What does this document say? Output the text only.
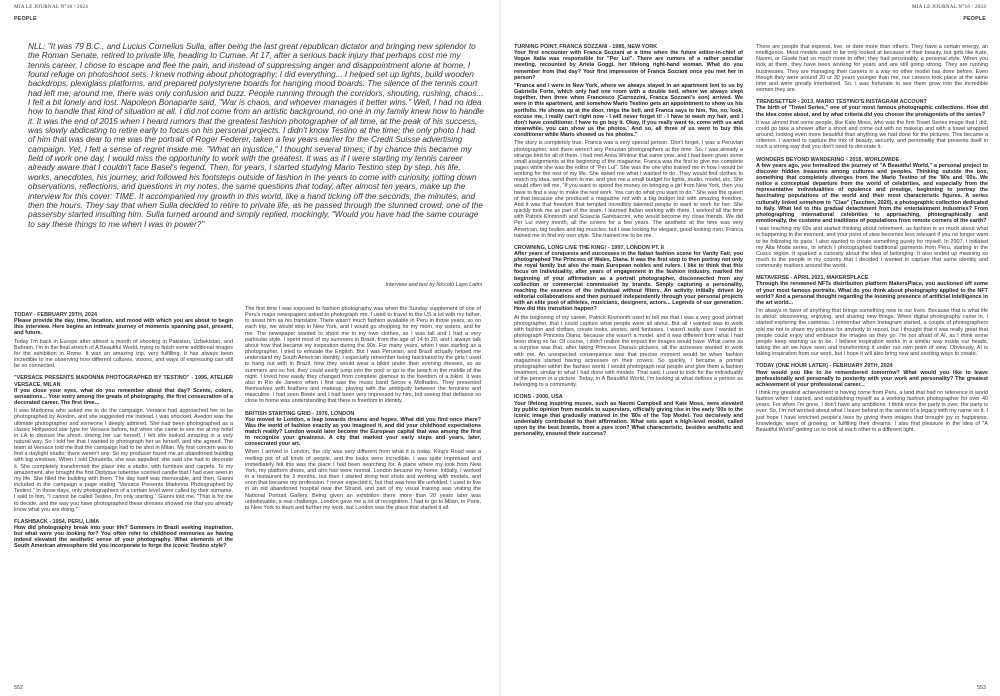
MIA LE JOURNAL N°18 / 2024
PEOPLE

NLL: "It was 79 B.C., and Lucius Cornelius Sulla, after being the last great republican dictator and bringing new splendor to the Roman Senate, retired to private life, heading to Cumae. At 17, after a serious back injury that perhaps cost me my tennis career, I chose to escape and flee the pain, and instead of suppressing anger and disappointment alone at home, I found refuge on photoshoot sets. I knew nothing about photography; I did everything... I helped set up lights, build wooden backdrops, plexiglass platforms, and prepared polystyrene boards for hanging mood boards. The silence of the tennis court had left me; around me, there was only confusion and buzz. People running through the corridors, shouting, rushing, chaos... I felt a bit lonely and lost. Napoleon Bonaparte said, "War is chaos, and whoever manages it better wins." Well, I had no idea how to handle that kind of situation at all. I did not come from an artistic background, no one in my family knew how to handle it. It was the end of 2015 when I heard rumors that the greatest fashion photographer of all time, at the peak of his success, was slowly abdicating to retire early to focus on his personal projects. I didn't know Testino at the time; the only photo I had of him that was dear to me was the portrait of Roger Federer, taken a few years earlier for the Credit Suisse advertising campaign. Yet, I felt a sense of regret inside me. "What an injustice," I thought several times; if by chance this became my field of work one day, I would miss the opportunity to work with the greatest. It was as if I were starting my tennis career already aware that I couldn't face Basel's legend. Then, for years, I started studying Mario Testino step by step, his life, works, anecdotes, his journey, and followed his footsteps outside of fashion in the years to come with curiosity, jotting down observations, reflections, and questions in my notes, the same questions that today, after almost ten years, make up the interview for this cover: TIME. It accompanied my growth in this world, like a hand ticking off the seconds, the minutes, and then the hours. They say that when Sulla decided to retire to private life, as he passed through the stunned crowd, one of the passersby started insulting him. Sulla turned around and simply replied, mockingly, "Would you have had the same courage to say these things to me when I was in power?"

Interview and text by Niccolò Lapo Latini

TODAY - FEBRUARY 29TH, 2024

Please provide the day, time, location, and mood with which you are about to begin this interview. Here begins an intimate journey of moments spanning past, present, and future.

Today I'm back in Europe after almost a month of shooting in Pakistan, Uzbekistan, and Bahrain. I'm in the final stretch of A Beautiful World, trying to finish some additional images for the exhibition in Rome. It was an amazing trip, very fulfilling. It has always been incredible to me observing how different cultures, visions, and ways of expressing can still be so connected.

"VERSACE PRESENTS MADONNA PHOTOGRAPHED BY TESTINO" - 1995, ATELIER VERSACE, MILAN

If you close your eyes, what do you remember about that day? Scents, colors, sensations... Your entry among the greats of photography, the first consecration of a decorated career. The first time...

It was Madonna who asked me to do the campaign. Versace had approached her to be photographed by Avedon, and she suggested me instead. I was shocked. Avedon was the ultimate photographer and someone I deeply admired. She had been photographed as a classic Hollywood star type for Versace before, but when she came to see me at my hotel in LA to discuss the shoot, driving her car herself, I felt she looked amazing in a very natural way. So I told her that I wanted to photograph her as herself, and she agreed. The team at Versace told me that the campaign had to be shot in Milan. My first concern was to find a daylight studio; there weren't any. So my producer found me an abandoned building with big windows. When I told Donatella, she was appalled; she said she had to decorate it. She completely transformed the place into a studio, with furniture and carpets. To my amazement, she brought the first Diptyque tuberose scented candle that I had ever seen in my life. She filled the building with them. The day itself was memorable, and then, Gianni included in the campaign a page stating "Versace Presents Madonna Photographed by Testino." In those days, only photographers of a certain level were called by their surname. I said to him, "I cannot be called Testino, I'm only starting." Gianni told me, "That is for me to decide, and the way you have photographed these dresses showed me that you already know what you are doing."

FLASHBACK - 1954, PERU, LIMA

How did photography break into your life? Summers in Brazil seeking inspiration, but what were you looking for? You often refer to childhood memories as having indeed elevated the aesthetic sense of your photography. What elements of the South American atmosphere did you incorporate to forge the iconic Testino style?

The first time I was exposed to fashion photography was when the Sunday supplement of one of Peru's major newspapers asked to photograph me. I used to travel to the US a lot with my father, to assist him as his translator. There wasn't much fashion available in Peru in those years, so on each trip, we would stop in New York, and I would go shopping for my mom, my sisters, and for me. The newspaper wanted to shoot me in my own clothes, as I was tall and I had a very particular style. I spent most of my summers in Brazil, from the age of 14 to 20, and I always talk about how that became my inspiration during the 90s. For many years, when I was starting as a photographer, I tried to emulate the English. But I was Peruvian, and Brazil actually helped me understand my South American identity. I especially remember being fascinated by the girls I used to hang out with in Brazil, how they would wear a bikini under their evening dresses, so as summers are so hot, they could easily jump into the pool or go to the beach in the middle of the night. I loved how easily they changed from complete glamour to the freedom of a bikini. It was also in Rio de Janeiro when I first saw the music band Secos e Molhados. They presented themselves with feathers and makeup, playing with the ambiguity between the feminine and masculine. I had seen Bowie and I had been very impressed by him, but seeing that defiance so close to home was understanding that there is freedom in identity.

BRITISH STARTING GRID - 1976, LONDON

You moved to London, a leap towards dreams and hopes. What did you find once there? Was the world of fashion exactly as you imagined it, and did your childhood expectations match reality? London would later become the European capital that was among the first to recognize your greatness. A city that marked your early steps and years, later, consecrated your art.

When I arrived in London, the city was very different from what it is today. King's Road was a melting pot of all kinds of people, and the looks were incredible. I was quite impressed and immediately felt this was the place I had been searching for. A place where my look from New York, my platform shoes, and afro hair were normal. London became my home. Initially, I worked in a restaurant for 3 months, but then I started doing test shots and working with models, and soon that became my profession. I never expected it, but that was how life unfolded. I used to live in an old abandoned hospital near the Strand, and part of my visual training was visiting the National Portrait Gallery. Being given an exhibition there more than 20 years later was unbelievable, a real challenge. London gave me a lot of recognition. I had to go to Milan, to Paris, to New York to learn and further my work, but London was the place that started it all.

552
MIA LE JOURNAL N°18 / 2024
PEOPLE

TURNING POINT, FRANCA SOZZANI - 1985, NEW YORK

Your first encounter with Franca Sozzani at a time when the future editor-in-chief of Vogue Italia was responsible for "Per Lui". There are rumors of a rather peculiar meeting, recounted by Ariela Goggi, her lifelong right-hand woman. What do you remember from that day? Your first impression of Franca Sozzani once you met her in person?

"Franca and I were in New York, where we always stayed in an apartment lent to us by Gabriella Forte, which only had one room with a double bed, where we always slept together, then three when Francesco (Carrozzini, Franca Sozzani's son) arrived. We were in this apartment, and somehow Mario Testino gets an appointment to show us his portfolio. He shows up at the door, rings the bell, and Franca says to him, 'No, no, look, excuse me, I really can't right now - I will never forget it! - I have to wash my hair, and I don't have conditioner. I have to go buy it. Okay, if you really want to, come with us and meanwhile, you can show us the photos.' And so, all three of us went to buy this conditioner while Mario showed us his photos."

The story is completely true. Franca was a very special person. Don't forget, I was a Peruvian photographer, and there weren't any Peruvian photographers at the time. So, I was already a strange bird for all of them. I had met Anna Wintour that same year, and I had been given some small assignments at the beginning of the magazine. Franca was the first to give me complete pages while she was the editor of "Per Lui". She was the one who trained me in how I would be working for the rest of my life. She asked me what I wanted to do. They would find clothes to match my idea, send them to me, and give me a small budget for lights, studio, model, etc. She would often tell me, "If you want to spend the money on bringing a girl from New York, then you have to find a way to make the rest work. You can do what you want to do." She was the queen of that because she produced a magazine not with a big budget but with amazing freedom. And it was that freedom that tempted incredibly talented people to want to work for her. She quickly took me as part of the team. I learned Italian working with them. I worked all the time with Patrick Kinmonth and Sciascia Gambaccini, who would become my close friends. We did Per Lui every month, all the covers for a few years. The aesthetic at the time was very American, big bodies and big muscles, but I was looking for elegant, good-looking men. Franca trained me to find my own style. She trained me to be me.

CROWNING, LONG LIVE THE KING! - 1997, LONDON PT. II

After years of conquests and successes in the Italian fashion scene for Vanity Fair, you photographed The Princess of Wales, Diana. It was the first step to then portray not only the royal family but also the main European nobles and rulers. I like to think that this focus on individuality, after years of engagement in the fashion industry, marked the beginning of your affirmation as a portrait photographer, disconnected from any collection or commercial commission by brands. Simply capturing a personality, reaching the essence of the individual without filters. An activity initially driven by editorial collaborations and then pursued independently through your personal projects with an elite pool of athletes, musicians, designers, actors... Legends of our generation. How did this transition happen?

At the beginning of my career, Patrick Kinmonth used to tell me that I was a very good portrait photographer, that I could capture what people were all about. But all I wanted was to work with fashion and clothes, create looks, stories, and fantasies. I wasn't really sure I wanted to photograph Princess Diana, because she wasn't a model, and it was different from what I had been doing so far. Of course, I didn't realize the impact the images would have. What came as a surprise was that, after taking Princess Diana's pictures, all the actresses wanted to work with me. An unexpected consequence was that precise moment would be when fashion magazines started having actresses on their covers. So quickly, I became a portrait photographer within the fashion world. I would photograph real people and give them a fashion treatment, similar to what I had done with models. That said, I used to look for the individuality of the person in a picture. Today, in A Beautiful World, I'm looking at what defines a person as belonging to a community.

ICONS - 2000, USA

Your lifelong inspiring muses, such as Naomi Campbell and Kate Moss, were elevated by public opinion from models to superstars, officially giving rise in the early '00s to the iconic image that gradually matured in the '80s of the Top Model. You decisively and undeniably contributed to their affirmation. What sets apart a high-level model, called upon by the best brands, from a pure icon? What characteristic, besides aesthetic and personality, ensured their success?

There are people that express, live, or dare more than others. They have a certain energy, an intelligence. Most models used to be only looked at because of their beauty, but girls like Kate, Naomi, or Gisele had so much more to offer; they had personality, a personal style. When you look at them, they have been working for years and are still going strong. They are running businesses. They are managing their careers in a way no other model has done before. Even though they were around 20 or 30 years younger than me, our careers took place at the same time and were greatly intertwined. So, I was fortunate to see them grow into the incredible women they are.

TRENDSETTER - 2013, MARIO TESTINO'S INSTAGRAM ACCOUNT

The birth of "Towel Series," one of your most famous photographic collections. How did the idea come about, and by what criteria did you choose the protagonists of the series?

It was almost that some people, like Kate Moss, who was the first Towel Series image that I did, could go take a shower after a shoot and come out with no makeup and with a towel wrapped around, looking even more beautiful than anything we had done for the pictures. This became a criterion. I wanted to capture the mix of beauty, security, and personality that presents itself in such a strong way that you don't need to decorate it.

WONDERS BEYOND WANDERING - 2018, WORLDWIDE

A few years ago, you formalized the journey of "A Beautiful World," a personal project to discover hidden treasures among cultures and peoples. Thinking outside the box, something that completely diverges from the Mario Testino of the '80s and '00s. We notice a conceptual departure from the world of celebrities, and especially from the representative individualities of opulence and prestige, beginning to portray the fascinating populations of the world and their most characteristic figures. A series culturally linked somehow to "Ciao" (Taschen, 2020), a photographic collection dedicated to Italy. What led to this gradual detachment from the entertainment industries? From photographing international celebrities to approaching, photographically and emotionally, the customs and traditions of populations from remote corners of the earth?

I was reaching my 60s and started thinking about retirement, as fashion is so much about what is happening in the moment, and your point of view becomes less relevant if you no longer want to be following its pace. I also wanted to create something purely for myself. In 2007, I initiated my Alta Moda series, in which I photographed traditional garments from Peru, starting in the Cusco region. It sparked a curiosity about the idea of belonging. It also ended up meaning so much to the people in my country that I decided I wanted to capture that same identity and community markers around the world.

METAVERSE - APRIL 2021, MAKERSPLACE

Through the renowned NFTs distribution platform MakersPlace, you auctioned off some of your most famous portraits. What do you think about photography applied to the NFT world? And a personal thought regarding the looming presence of artificial intelligence in the art world...

I'm always in favor of anything that brings something new to our lives. Because that is what life is about: discovering, enjoying, and sharing new things. When digital photography came in, I started exploring the cameras. I remember when Instagram started, a couple of photographers told me not to share my pictures for anybody to repost, but I thought that it was really great that people could enjoy and embrace the images as they go. I'm not afraid of AI, as I think some people keep warning us to be. I believe inspiration works in a similar way inside our heads, taking the art we have seen and transforming it under our own point of view. Obviously, AI is taking inspiration from our work, but I hope it will also bring new and exciting ways to create.

TODAY (ONE HOUR LATER) - FEBRUARY 29TH, 2024

How would you like to be remembered tomorrow? What would you like to leave professionally and personally to posterity with your work and personality? The greatest achievement of your professional career...

I think my greatest achievement is having come from Peru, a land that had no reference in world fashion when I started, and establishing myself as a working fashion photographer for over 40 years. For when I'm gone, I don't have any ambitions. I think once the party is over, the party is over. So, I'm not worried about what I leave behind in the sense of a legacy with my name on it. I just hope I have enriched people's lives by giving them images that brought joy or happiness, knowledge, ways of growing, or fulfilling their dreams. I also find pleasure in the idea of "A Beautiful World" getting us to look at each other in a different light.

553
